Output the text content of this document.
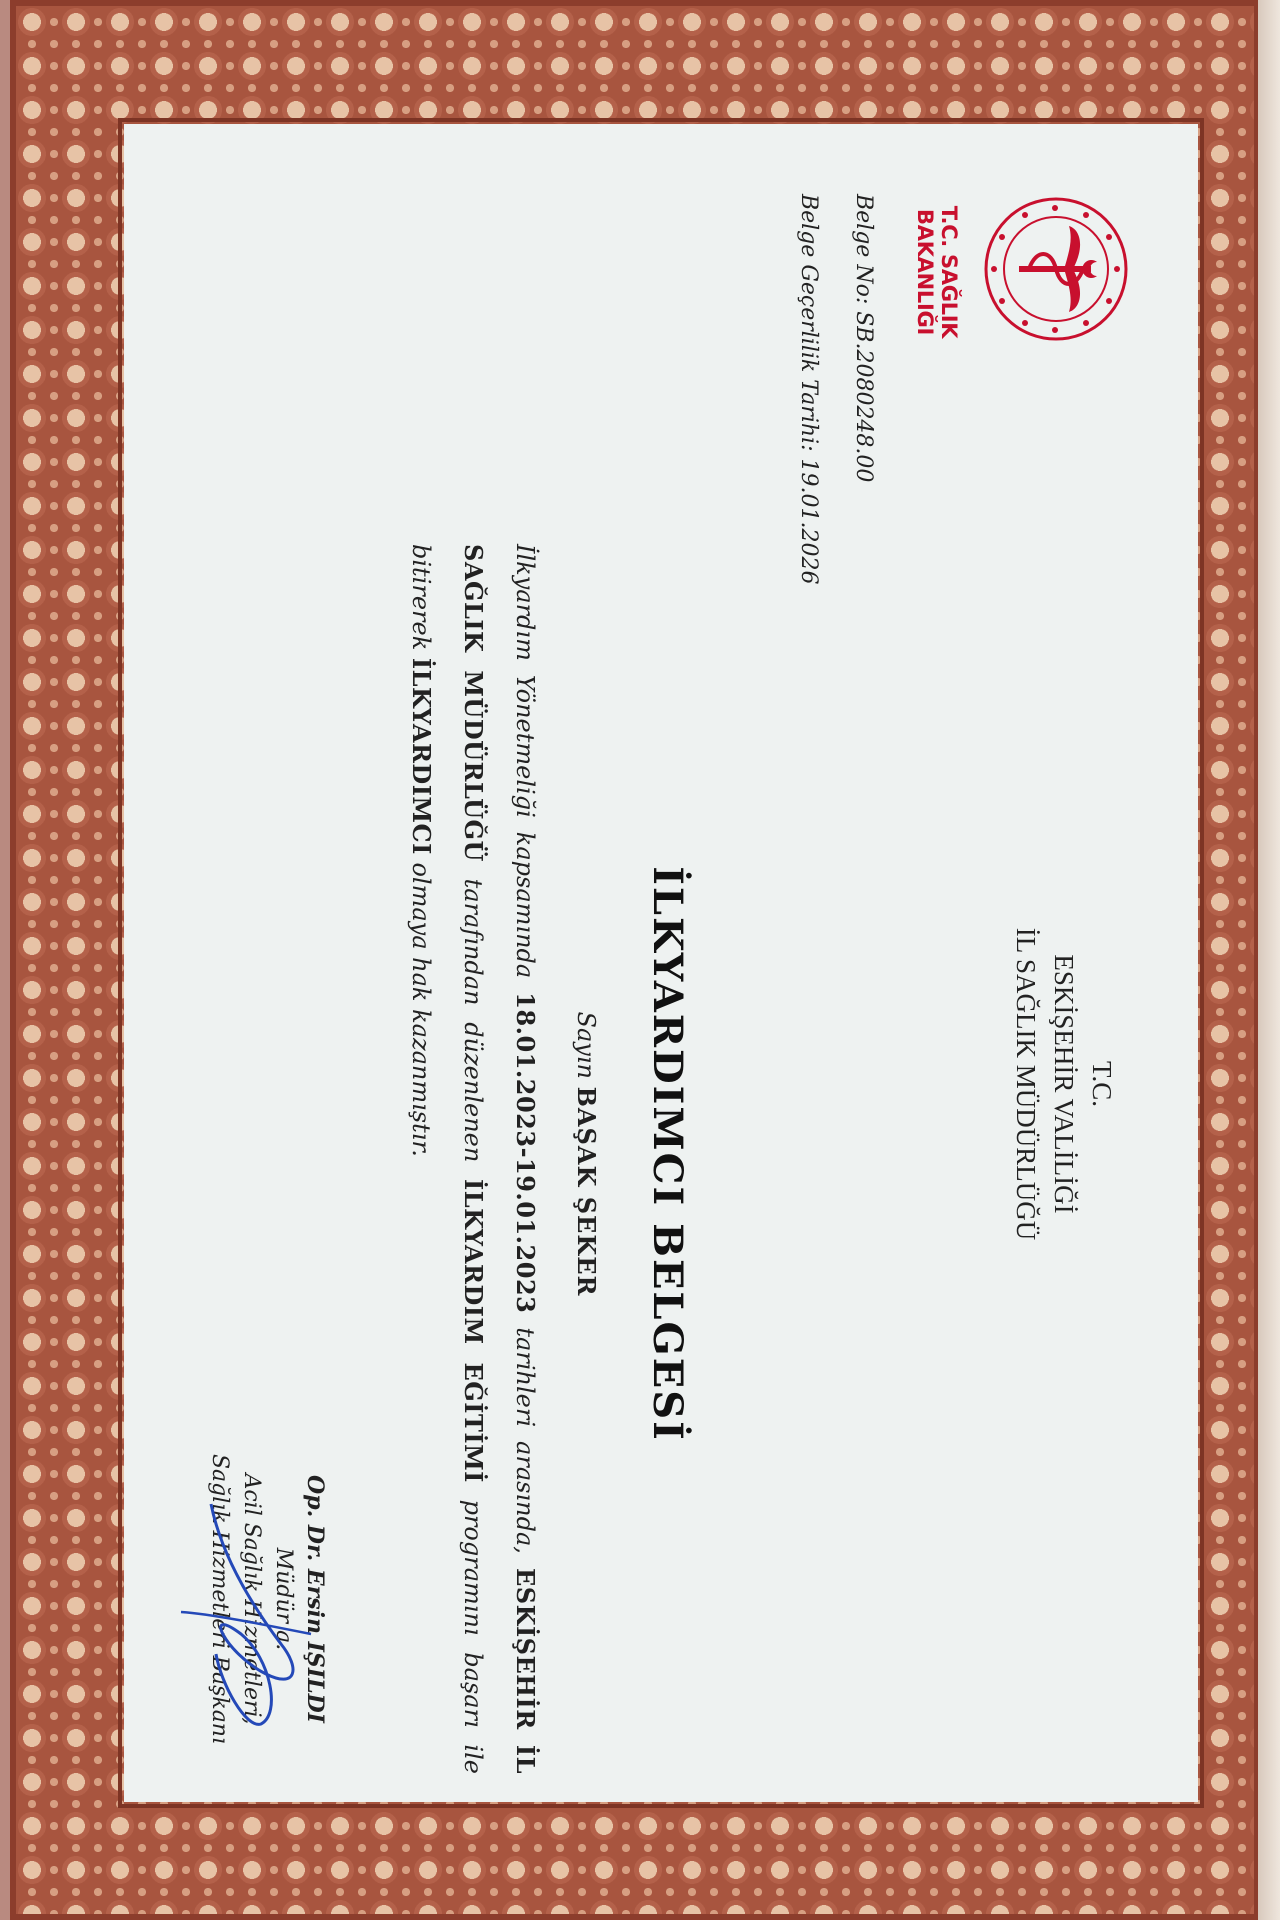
T.C. SAĞLIK BAKANLIĞI
T.C.
ESKİŞEHİR VALİLİĞİ
İL SAĞLIK MÜDÜRLÜĞÜ
Belge No: SB.2080248.00
Belge Geçerlilik Tarihi: 19.01.2026
İLKYARDIMCI BELGESİ
Sayın BAŞAK ŞEKER
İlkyardım Yönetmeliği kapsamında 18.01.2023-19.01.2023 tarihleri arasında, ESKİŞEHİR İL SAĞLIK MÜDÜRLÜĞÜ tarafından düzenlenen İLKYARDIM EĞİTİMİ programını başarı ile bitirerek İLKYARDIMCI olmaya hak kazanmıştır.
Op. Dr. Ersin IŞILDI
Müdür a.
Acil Sağlık Hizmetleri,
Sağlık Hizmetleri Başkanı
